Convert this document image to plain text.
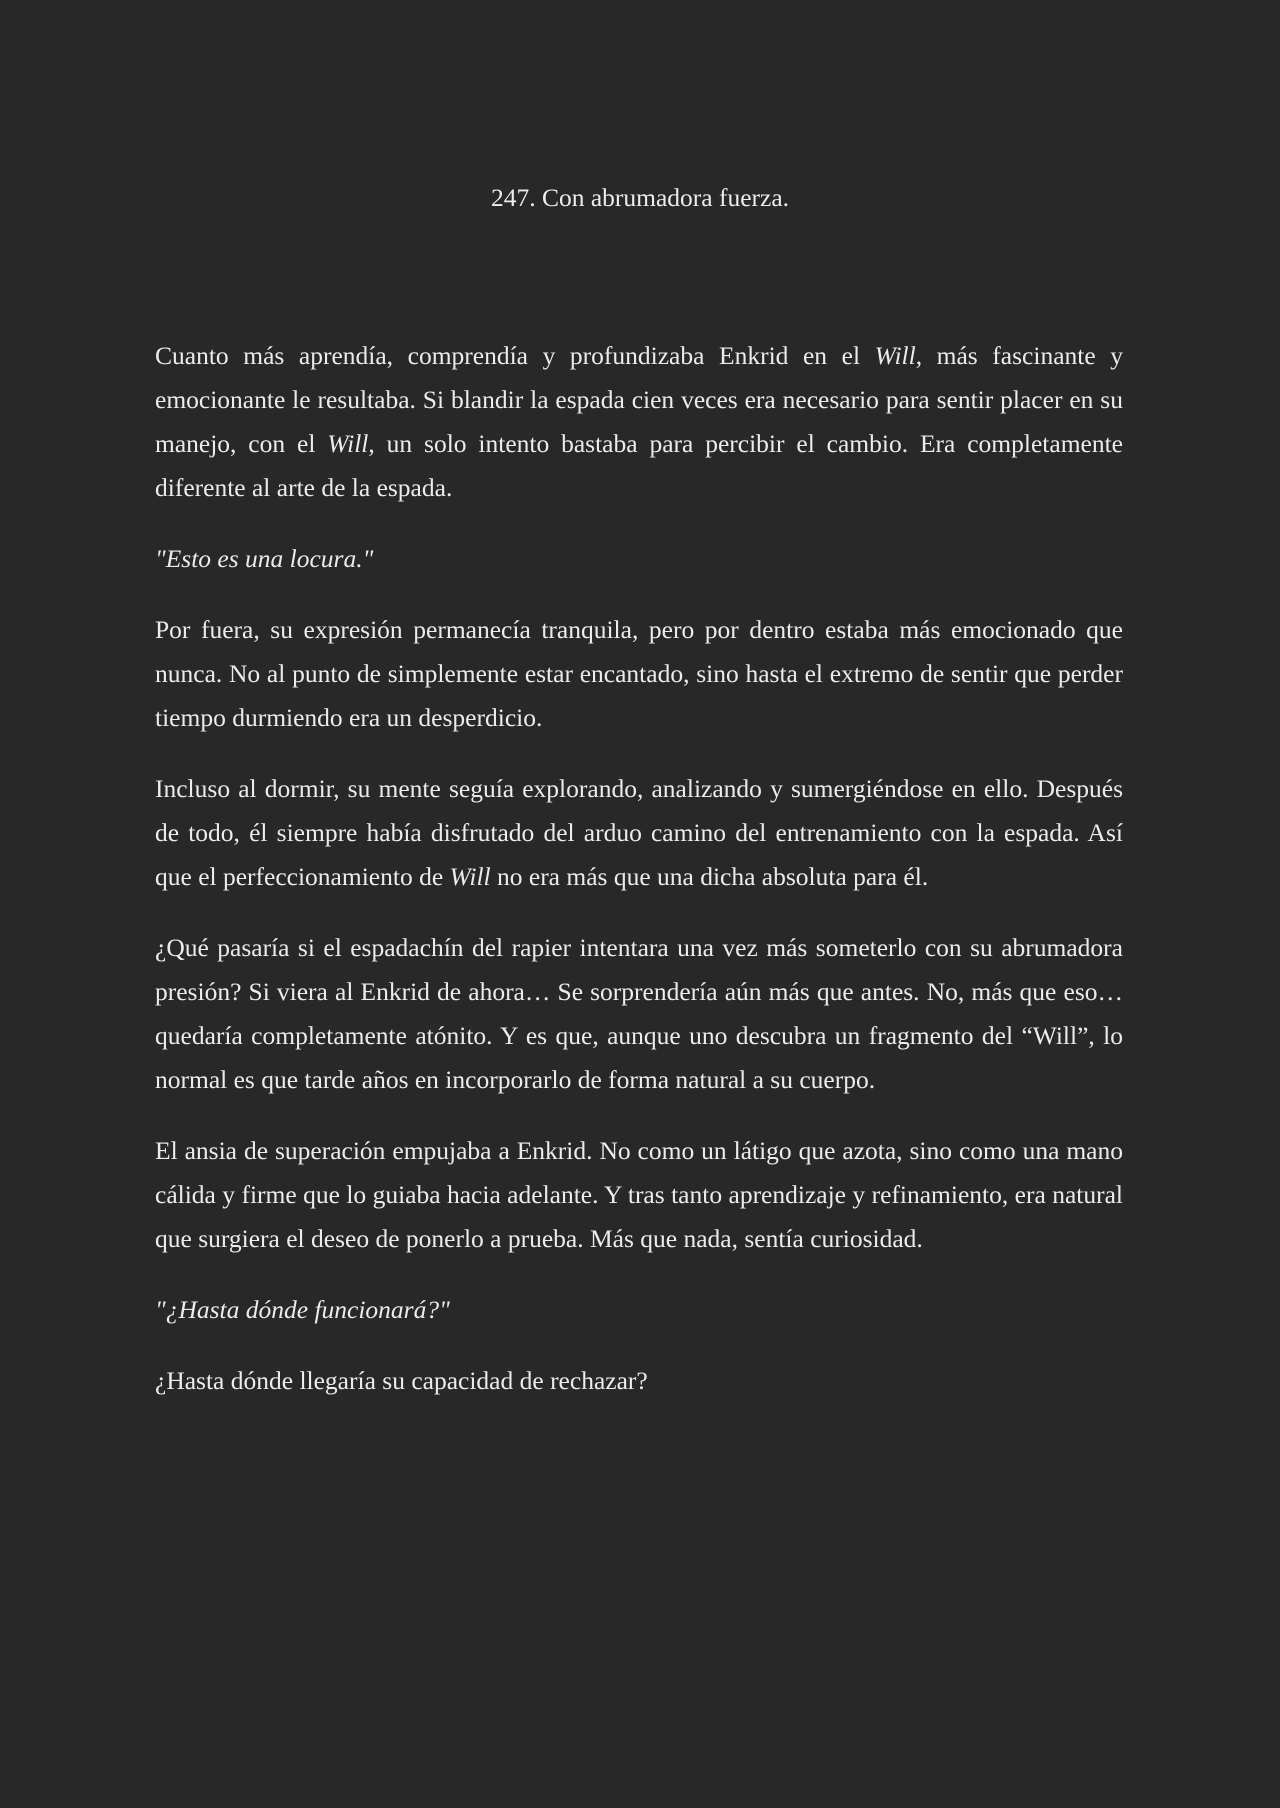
247. Con abrumadora fuerza.

Cuanto más aprendía, comprendía y profundizaba Enkrid en el Will, más fascinante y emocionante le resultaba. Si blandir la espada cien veces era necesario para sentir placer en su manejo, con el Will, un solo intento bastaba para percibir el cambio. Era completamente diferente al arte de la espada.

"Esto es una locura."

Por fuera, su expresión permanecía tranquila, pero por dentro estaba más emocionado que nunca. No al punto de simplemente estar encantado, sino hasta el extremo de sentir que perder tiempo durmiendo era un desperdicio.

Incluso al dormir, su mente seguía explorando, analizando y sumergiéndose en ello. Después de todo, él siempre había disfrutado del arduo camino del entrenamiento con la espada. Así que el perfeccionamiento de Will no era más que una dicha absoluta para él.

¿Qué pasaría si el espadachín del rapier intentara una vez más someterlo con su abrumadora presión? Si viera al Enkrid de ahora… Se sorprendería aún más que antes. No, más que eso… quedaría completamente atónito. Y es que, aunque uno descubra un fragmento del “Will”, lo normal es que tarde años en incorporarlo de forma natural a su cuerpo.

El ansia de superación empujaba a Enkrid. No como un látigo que azota, sino como una mano cálida y firme que lo guiaba hacia adelante. Y tras tanto aprendizaje y refinamiento, era natural que surgiera el deseo de ponerlo a prueba. Más que nada, sentía curiosidad.

"¿Hasta dónde funcionará?"

¿Hasta dónde llegaría su capacidad de rechazar?
